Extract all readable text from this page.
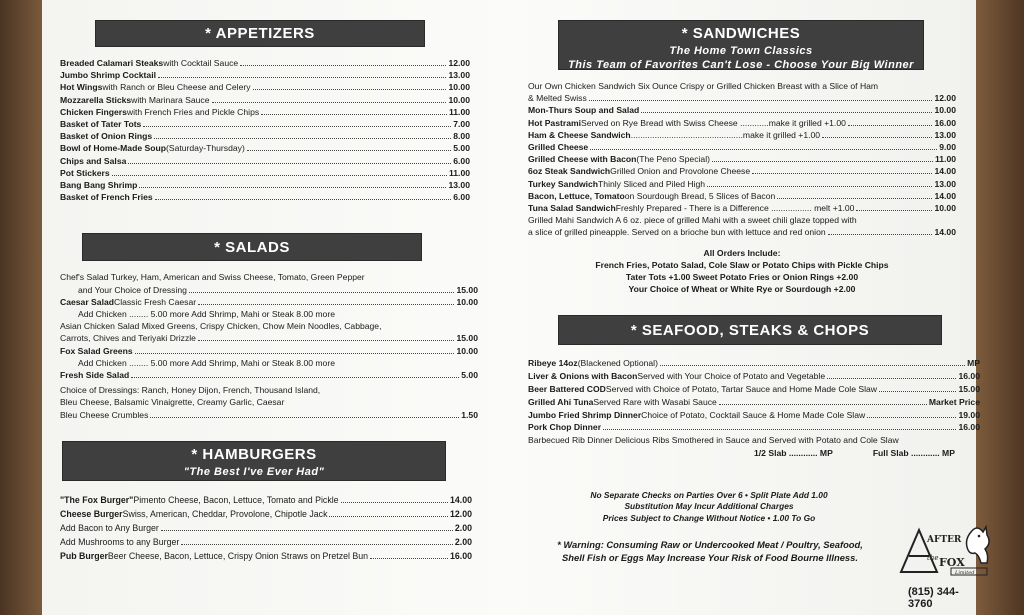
* APPETIZERS
Breaded Calamari Steaks with Cocktail Sauce	12.00
Jumbo Shrimp Cocktail	13.00
Hot Wings with Ranch or Bleu Cheese and Celery	10.00
Mozzarella Sticks with Marinara Sauce	10.00
Chicken Fingers with French Fries and Pickle Chips	11.00
Basket of Tater Tots	7.00
Basket of Onion Rings	8.00
Bowl of Home-Made Soup (Saturday-Thursday)	5.00
Chips and Salsa	6.00
Pot Stickers	11.00
Bang Bang Shrimp	13.00
Basket of French Fries	6.00
* SALADS
Chef's Salad Turkey, Ham, American and Swiss Cheese, Tomato, Green Pepper
and Your Choice of Dressing	15.00
Caesar Salad Classic Fresh Caesar	10.00
Add Chicken ........ 5.00 more Add Shrimp, Mahi or Steak 8.00 more
Asian Chicken Salad Mixed Greens, Crispy Chicken, Chow Mein Noodles, Cabbage,
Carrots, Chives and Teriyaki Drizzle	15.00
Fox Salad Greens	10.00
Add Chicken ........ 5.00 more Add Shrimp, Mahi or Steak 8.00 more
Fresh Side Salad	5.00
Choice of Dressings: Ranch, Honey Dijon, French, Thousand Island,
Bleu Cheese, Balsamic Vinaigrette, Creamy Garlic, Caesar
Bleu Cheese Crumbles	1.50
* HAMBURGERS
"The Best I've Ever Had"
"The Fox Burger" Pimento Cheese, Bacon, Lettuce, Tomato and Pickle	14.00
Cheese Burger Swiss, American, Cheddar, Provolone, Chipotle Jack	12.00
Add Bacon to Any Burger	2.00
Add Mushrooms to any Burger	2.00
Pub Burger Beer Cheese, Bacon, Lettuce, Crispy Onion Straws on Pretzel Bun	16.00
* SANDWICHES
The Home Town Classics
This Team of Favorites Can't Lose - Choose Your Big Winner
Our Own Chicken Sandwich Six Ounce Crispy or Grilled Chicken Breast with a Slice of Ham
& Melted Swiss	12.00
Mon-Thurs Soup and Salad	10.00
Hot Pastrami Served on Rye Bread with Swiss Cheese ............make it grilled +1.00	16.00
Ham & Cheese Sandwich ...............................................make it grilled +1.00	13.00
Grilled Cheese	9.00
Grilled Cheese with Bacon (The Peno Special)	11.00
6oz Steak Sandwich Grilled Onion and Provolone Cheese	14.00
Turkey Sandwich Thinly Sliced and Piled High	13.00
Bacon, Lettuce, Tomato on Sourdough Bread, 5 Slices of Bacon	14.00
Tuna Salad Sandwich Freshly Prepared - There is a Difference ................. melt +1.00	10.00
Grilled Mahi Sandwich A 6 oz. piece of grilled Mahi with a sweet chili glaze topped with
a slice of grilled pineapple. Served on a brioche bun with lettuce and red onion	14.00
All Orders Include:
French Fries, Potato Salad, Cole Slaw or Potato Chips with Pickle Chips
Tater Tots +1.00 Sweet Potato Fries or Onion Rings +2.00
Your Choice of Wheat or White Rye or Sourdough +2.00
* SEAFOOD, STEAKS & CHOPS
Ribeye 14oz (Blackened Optional)	MP
Liver & Onions with Bacon Served with Your Choice of Potato and Vegetable	16.00
Beer Battered COD Served with Choice of Potato, Tartar Sauce and Home Made Cole Slaw	15.00
Grilled Ahi Tuna Served Rare with Wasabi Sauce	Market Price
Jumbo Fried Shrimp Dinner Choice of Potato, Cocktail Sauce & Home Made Cole Slaw	19.00
Pork Chop Dinner	16.00
Barbecued Rib Dinner Delicious Ribs Smothered in Sauce and Served with Potato and Cole Slaw
1/2 Slab ............ MP	Full Slab ............ MP
No Separate Checks on Parties Over 6 • Split Plate Add 1.00
Substitution May Incur Additional Charges
Prices Subject to Change Without Notice • 1.00 To Go
* Warning: Consuming Raw or Undercooked Meat / Poultry, Seafood,
Shell Fish or Eggs May Increase Your Risk of Food Bourne Illness.
AFTER
the FOX
Limited
(815) 344-3760
